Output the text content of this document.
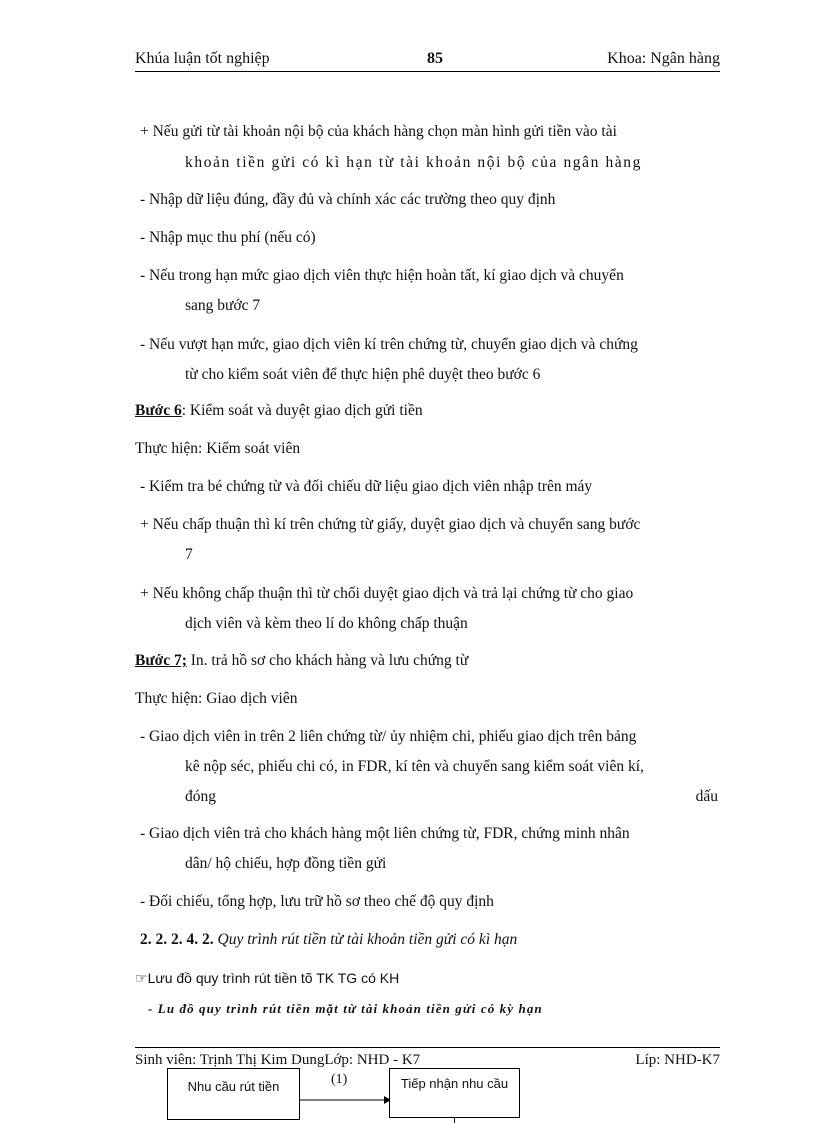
Khúa luận tốt nghiệp	85	Khoa: Ngân hàng
+ Nếu gửi từ tài khoản nội bộ của khách hàng chọn màn hình gửi tiền vào tài
khoản tiền gửi có kì hạn từ tài khoản nội bộ của ngân hàng
- Nhập dữ liệu đúng, đầy đủ và chính xác các trường theo quy định
- Nhập mục thu phí (nếu có)
- Nếu trong hạn mức giao dịch viên thực hiện hoàn tất, kí giao dịch và chuyển
sang bước 7
- Nếu vượt hạn mức, giao dịch viên kí trên chứng từ, chuyển giao dịch và chứng
từ cho kiểm soát viên để thực hiện phê duyệt theo bước 6
Bước 6: Kiểm soát và duyệt giao dịch gửi tiền
Thực hiện: Kiểm soát viên
- Kiểm tra bé chứng từ và đối chiếu dữ liệu giao dịch viên nhập trên máy
+ Nếu chấp thuận thì kí trên chứng từ giấy, duyệt giao dịch và chuyển sang bước
7
+ Nếu không chấp thuận thì từ chối duyệt giao dịch và trả lại chứng từ cho giao
dịch viên và kèm theo lí do không chấp thuận
Bước 7; In. trả hồ sơ cho khách hàng và lưu chứng từ
Thực hiện: Giao dịch viên
- Giao dịch viên in trên 2 liên chứng từ/ ủy nhiệm chi, phiếu giao dịch trên bảng
kê nộp séc, phiếu chi có, in FDR, kí tên và chuyển sang kiểm soát viên kí,
đóng	dấu
- Giao dịch viên trả cho khách hàng một liên chứng từ, FDR, chứng minh nhân
dân/ hộ chiếu, hợp đồng tiền gửi
- Đối chiếu, tổng hợp, lưu trữ hồ sơ theo chế độ quy định
2. 2. 2. 4. 2. Quy trình rút tiền từ tài khoản tiền gửi có kì hạn
☞Lưu đồ quy trình rút tiền tõ TK TG có KH
- Lu đồ quy trình rút tiền mặt từ tài khoản tiền gửi có kỳ hạn
Sinh viên: Trịnh Thị Kim DungLớp: NHD - K7	Líp: NHD-K7
Nhu cầu rút tiền	(1)	Tiếp nhận nhu cầu
